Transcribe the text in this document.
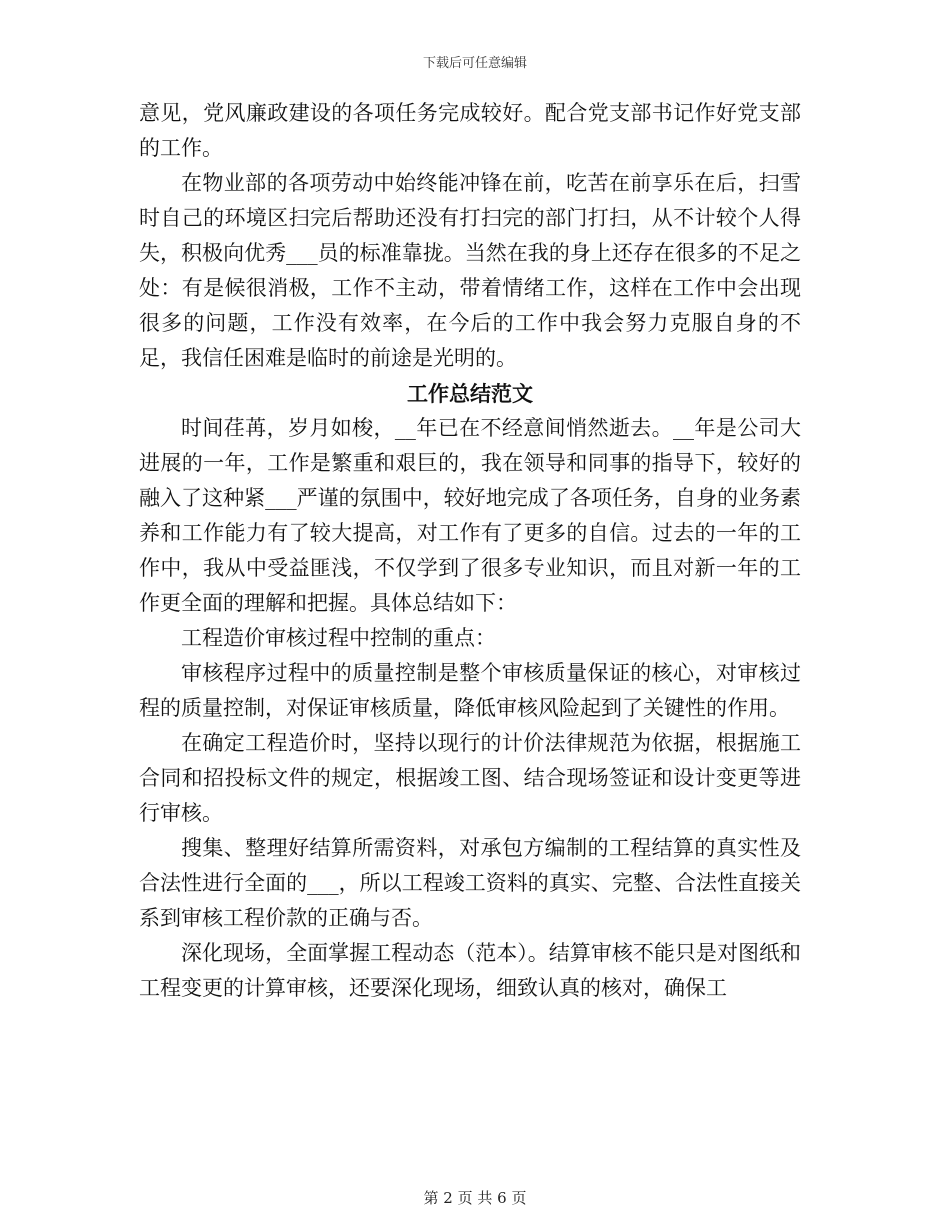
下载后可任意编辑

意见，党风廉政建设的各项任务完成较好。配合党支部书记作好党支部的工作。

在物业部的各项劳动中始终能冲锋在前，吃苦在前享乐在后，扫雪时自己的环境区扫完后帮助还没有打扫完的部门打扫，从不计较个人得失，积极向优秀___员的标准靠拢。当然在我的身上还存在很多的不足之处：有是候很消极，工作不主动，带着情绪工作，这样在工作中会出现很多的问题，工作没有效率，在今后的工作中我会努力克服自身的不足，我信任困难是临时的前途是光明的。

工作总结范文

时间荏苒，岁月如梭，__年已在不经意间悄然逝去。__年是公司大进展的一年，工作是繁重和艰巨的，我在领导和同事的指导下，较好的融入了这种紧___严谨的氛围中，较好地完成了各项任务，自身的业务素养和工作能力有了较大提高，对工作有了更多的自信。过去的一年的工作中，我从中受益匪浅，不仅学到了很多专业知识，而且对新一年的工作更全面的理解和把握。具体总结如下：

工程造价审核过程中控制的重点：

审核程序过程中的质量控制是整个审核质量保证的核心，对审核过程的质量控制，对保证审核质量，降低审核风险起到了关键性的作用。

在确定工程造价时，坚持以现行的计价法律规范为依据，根据施工合同和招投标文件的规定，根据竣工图、结合现场签证和设计变更等进行审核。

搜集、整理好结算所需资料，对承包方编制的工程结算的真实性及合法性进行全面的___，所以工程竣工资料的真实、完整、合法性直接关系到审核工程价款的正确与否。

深化现场，全面掌握工程动态（范本）。结算审核不能只是对图纸和工程变更的计算审核，还要深化现场，细致认真的核对，确保工

第 2 页 共 6 页
